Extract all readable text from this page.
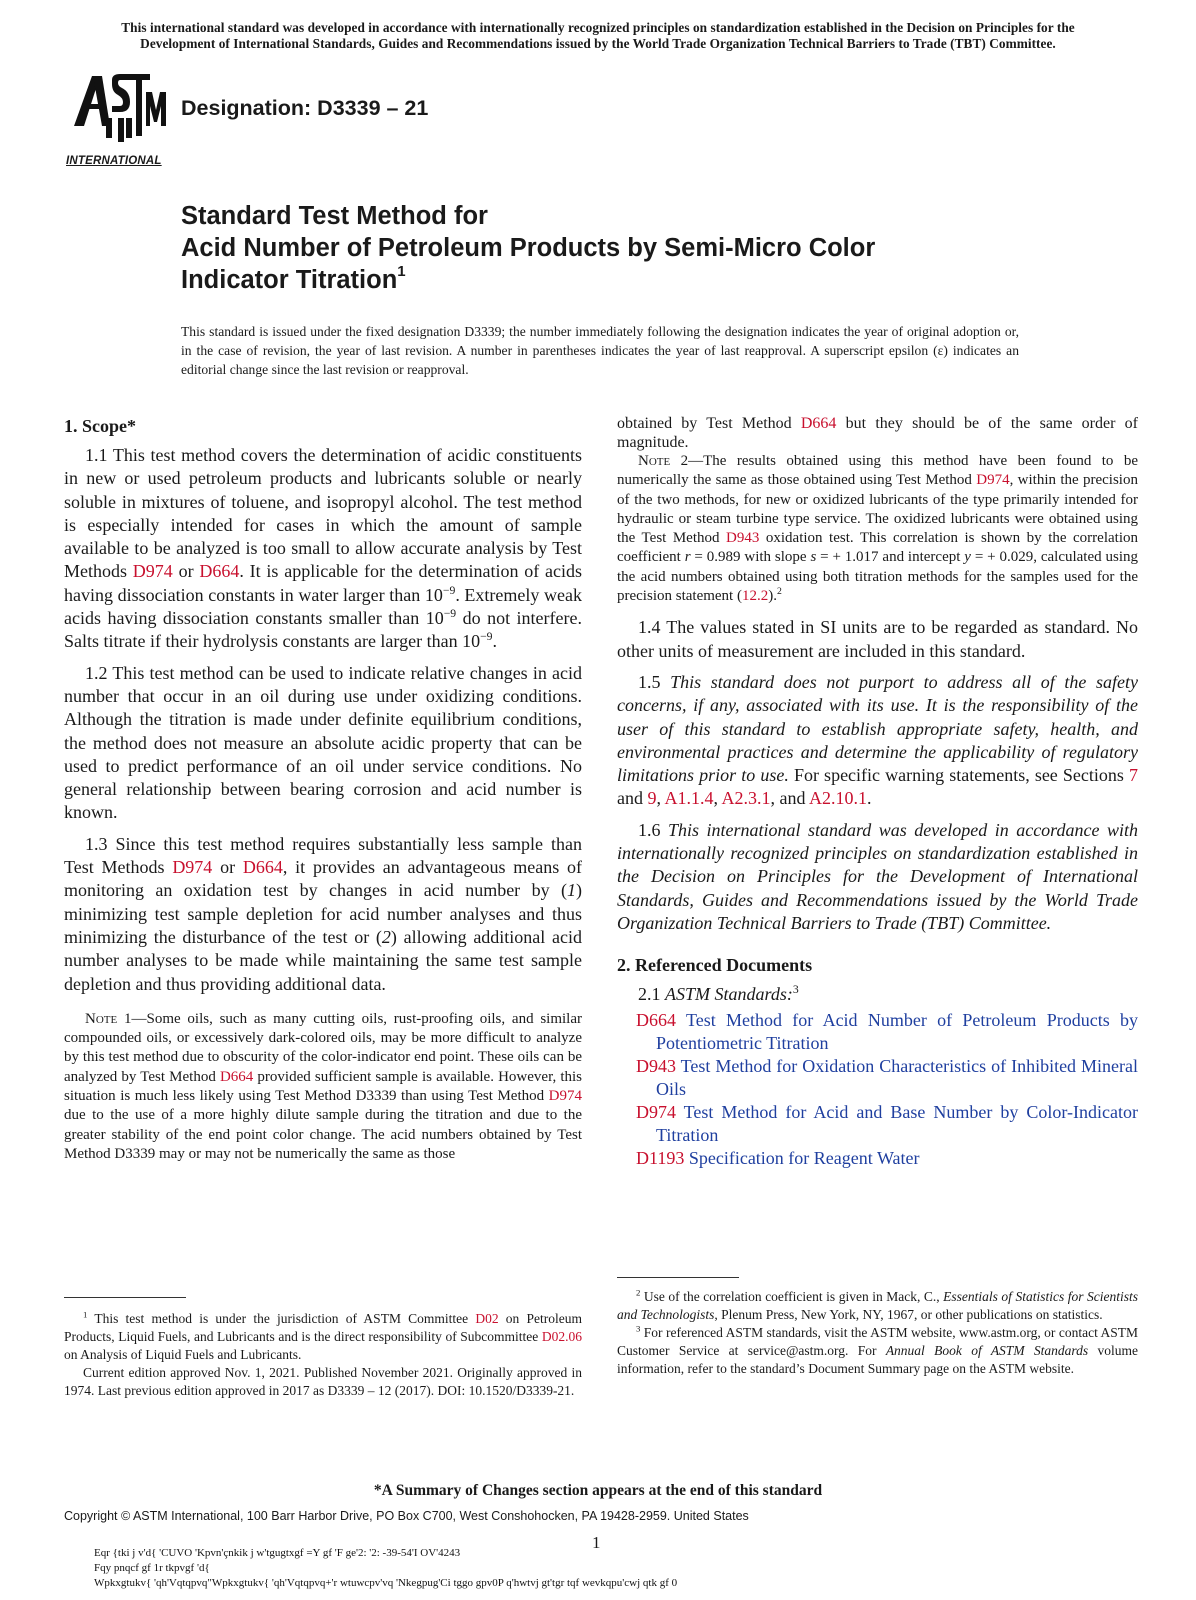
This international standard was developed in accordance with internationally recognized principles on standardization established in the Decision on Principles for the
Development of International Standards, Guides and Recommendations issued by the World Trade Organization Technical Barriers to Trade (TBT) Committee.
INTERNATIONAL
Designation: D3339 – 21
Standard Test Method for
Acid Number of Petroleum Products by Semi-Micro Color
Indicator Titration$^1$
This standard is issued under the fixed designation D3339; the number immediately following the designation indicates the year of original adoption or, in the case of revision, the year of last revision. A number in parentheses indicates the year of last reapproval. A superscript epsilon (ε) indicates an editorial change since the last revision or reapproval.
1. Scope*

1.1 This test method covers the determination of acidic constituents in new or used petroleum products and lubricants soluble or nearly soluble in mixtures of toluene, and isopropyl alcohol. The test method is especially intended for cases in which the amount of sample available to be analyzed is too small to allow accurate analysis by Test Methods D974 or D664. It is applicable for the determination of acids having dissociation constants in water larger than $10^{-9}$. Extremely weak acids having dissociation constants smaller than $10^{-9}$ do not interfere. Salts titrate if their hydrolysis constants are larger than $10^{-9}$.

1.2 This test method can be used to indicate relative changes in acid number that occur in an oil during use under oxidizing conditions. Although the titration is made under definite equilibrium conditions, the method does not measure an absolute acidic property that can be used to predict performance of an oil under service conditions. No general relationship between bearing corrosion and acid number is known.

1.3 Since this test method requires substantially less sample than Test Methods D974 or D664, it provides an advantageous means of monitoring an oxidation test by changes in acid number by (1) minimizing test sample depletion for acid number analyses and thus minimizing the disturbance of the test or (2) allowing additional acid number analyses to be made while maintaining the same test sample depletion and thus providing additional data.

Note 1—Some oils, such as many cutting oils, rust-proofing oils, and similar compounded oils, or excessively dark-colored oils, may be more difficult to analyze by this test method due to obscurity of the color-indicator end point. These oils can be analyzed by Test Method D664 provided sufficient sample is available. However, this situation is much less likely using Test Method D3339 than using Test Method D974 due to the use of a more highly dilute sample during the titration and due to the greater stability of the end point color change. The acid numbers obtained by Test Method D3339 may or may not be numerically the same as those

$^1$ This test method is under the jurisdiction of ASTM Committee D02 on Petroleum Products, Liquid Fuels, and Lubricants and is the direct responsibility of Subcommittee D02.06 on Analysis of Liquid Fuels and Lubricants.

Current edition approved Nov. 1, 2021. Published November 2021. Originally approved in 1974. Last previous edition approved in 2017 as D3339 – 12 (2017). DOI: 10.1520/D3339-21.

obtained by Test Method D664 but they should be of the same order of magnitude.

Note 2—The results obtained using this method have been found to be numerically the same as those obtained using Test Method D974, within the precision of the two methods, for new or oxidized lubricants of the type primarily intended for hydraulic or steam turbine type service. The oxidized lubricants were obtained using the Test Method D943 oxidation test. This correlation is shown by the correlation coefficient r = 0.989 with slope s = + 1.017 and intercept y = + 0.029, calculated using the acid numbers obtained using both titration methods for the samples used for the precision statement (12.2).$^2$

1.4 The values stated in SI units are to be regarded as standard. No other units of measurement are included in this standard.

1.5 This standard does not purport to address all of the safety concerns, if any, associated with its use. It is the responsibility of the user of this standard to establish appropriate safety, health, and environmental practices and determine the applicability of regulatory limitations prior to use. For specific warning statements, see Sections 7 and 9, A1.1.4, A2.3.1, and A2.10.1.

1.6 This international standard was developed in accordance with internationally recognized principles on standardization established in the Decision on Principles for the Development of International Standards, Guides and Recommendations issued by the World Trade Organization Technical Barriers to Trade (TBT) Committee.

2. Referenced Documents

2.1 ASTM Standards:$^3$

D664 Test Method for Acid Number of Petroleum Products by Potentiometric Titration

D943 Test Method for Oxidation Characteristics of Inhibited Mineral Oils

D974 Test Method for Acid and Base Number by Color-Indicator Titration

D1193 Specification for Reagent Water

$^2$ Use of the correlation coefficient is given in Mack, C., Essentials of Statistics for Scientists and Technologists, Plenum Press, New York, NY, 1967, or other publications on statistics.

$^3$ For referenced ASTM standards, visit the ASTM website, www.astm.org, or contact ASTM Customer Service at service@astm.org. For Annual Book of ASTM Standards volume information, refer to the standard’s Document Summary page on the ASTM website.

*A Summary of Changes section appears at the end of this standard
Copyright © ASTM International, 100 Barr Harbor Drive, PO Box C700, West Conshohocken, PA 19428-2959. United States
1
Eqr {tki j v'd{ 'CUVO 'Kpvn'çnkik j w'tgugtxgf =Y gf 'F ge'2: '2: -39-54'I OV'4243
Fqy pnqcf gf 1r tkpvgf 'd{
Wpkxgtukv{ 'qh'Vqtqpvq"Wpkxgtukv{ 'qh'Vqtqpvq+'r wtuwcpv'vq 'Nkegpug'Ci tggo gpv0P q'hwtvj gt'tgr tqf wevkqpu'cwj qtk gf 0
